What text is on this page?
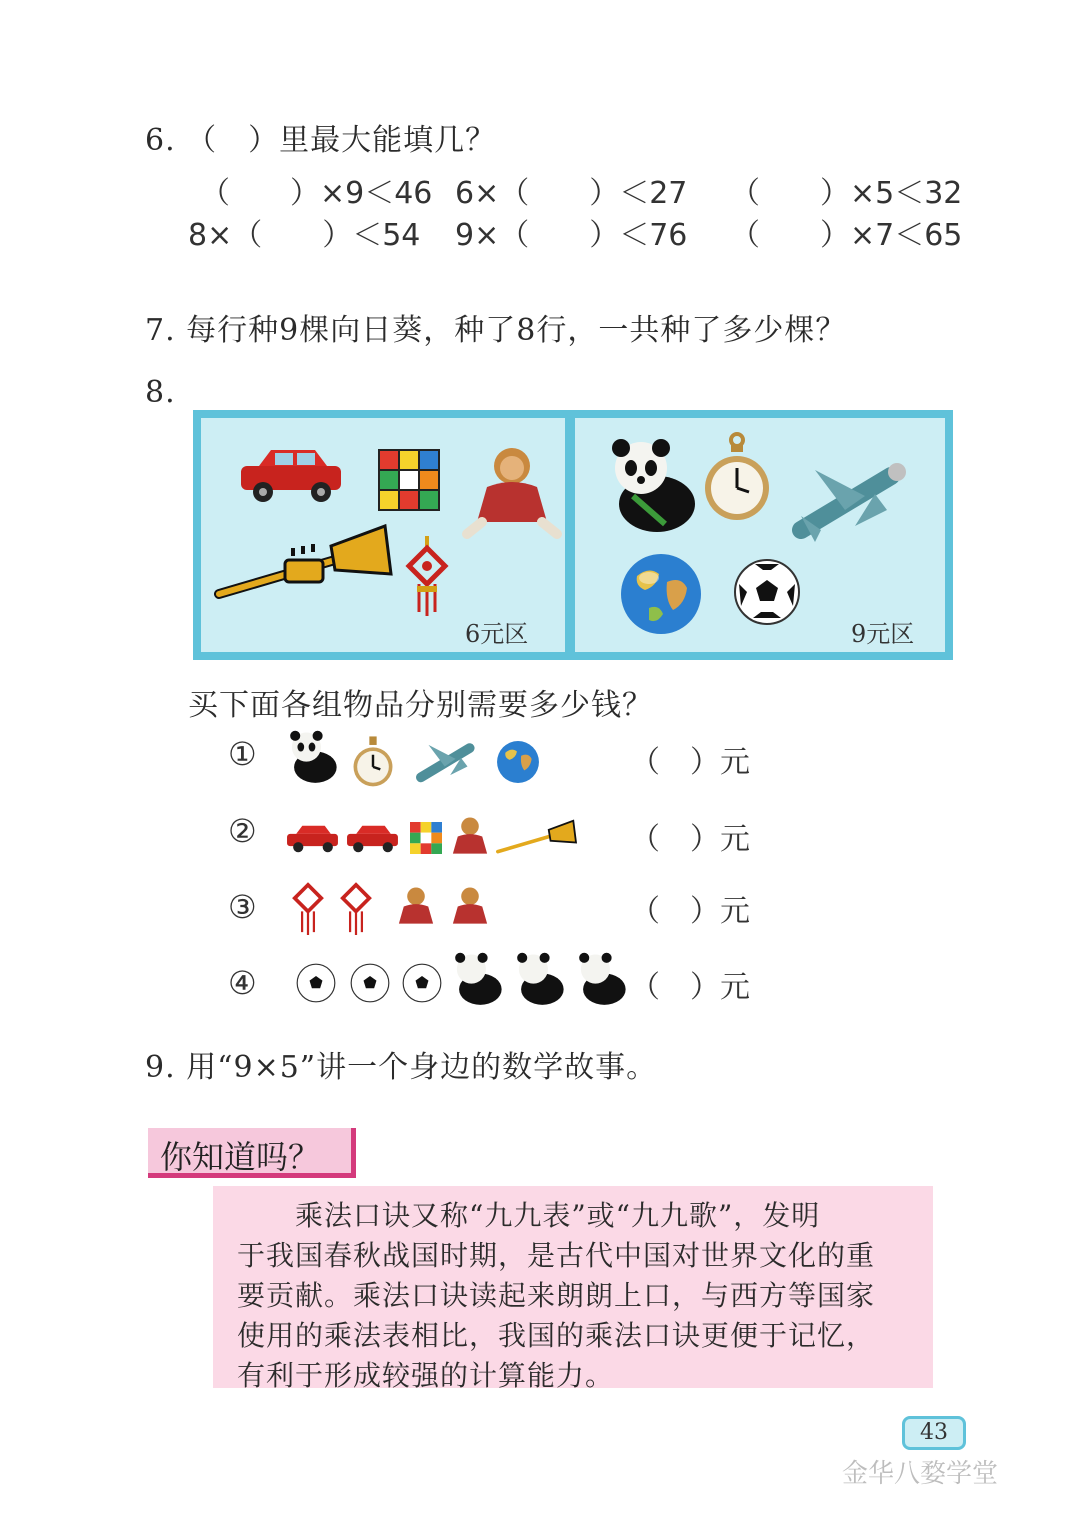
6. （　）里最大能填几？
（　　）×9＜46 6×（　　）＜27 （　　）×5＜32
8×（　　）＜54 9×（　　）＜76 （　　）×7＜65
7. 每行种9棵向日葵，种了8行，一共种了多少棵？
8.
6元区	9元区
买下面各组物品分别需要多少钱？
①	（　）元
②	（　）元
③	（　）元
④	（　）元
9. 用“9×5”讲一个身边的数学故事。
你知道吗？
乘法口诀又称“九九表”或“九九歌”，发明
于我国春秋战国时期，是古代中国对世界文化的重
要贡献。乘法口诀读起来朗朗上口，与西方等国家
使用的乘法表相比，我国的乘法口诀更便于记忆，
有利于形成较强的计算能力。
43
金华八婺学堂
